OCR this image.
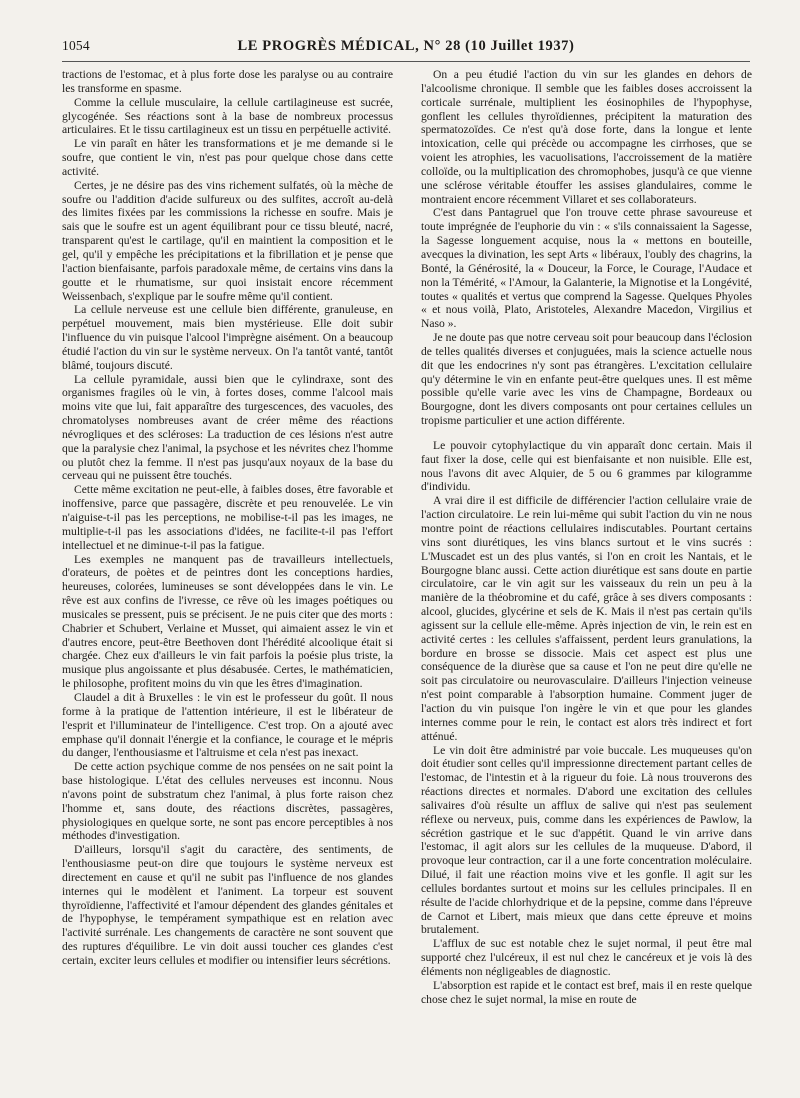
1054	LE PROGRÈS MÉDICAL, N° 28 (10 Juillet 1937)

tractions de l'estomac, et à plus forte dose les paralyse ou au contraire les transforme en spasme.

Comme la cellule musculaire, la cellule cartilagineuse est sucrée, glycogénée. Ses réactions sont à la base de nombreux processus articulaires. Et le tissu cartilagineux est un tissu en perpétuelle activité.

Le vin paraît en hâter les transformations et je me demande si le soufre, que contient le vin, n'est pas pour quelque chose dans cette activité.

Certes, je ne désire pas des vins richement sulfatés, où la mèche de soufre ou l'addition d'acide sulfureux ou des sulfites, accroît au-delà des limites fixées par les commissions la richesse en soufre. Mais je sais que le soufre est un agent équilibrant pour ce tissu bleuté, nacré, transparent qu'est le cartilage, qu'il en maintient la composition et le gel, qu'il y empêche les précipitations et la fibrillation et je pense que l'action bienfaisante, parfois paradoxale même, de certains vins dans la goutte et le rhumatisme, sur quoi insistait encore récemment Weissenbach, s'explique par le soufre même qu'il contient.

La cellule nerveuse est une cellule bien différente, granuleuse, en perpétuel mouvement, mais bien mystérieuse. Elle doit subir l'influence du vin puisque l'alcool l'imprègne aisément. On a beaucoup étudié l'action du vin sur le système nerveux. On l'a tantôt vanté, tantôt blâmé, toujours discuté.

La cellule pyramidale, aussi bien que le cylindraxe, sont des organismes fragiles où le vin, à fortes doses, comme l'alcool mais moins vite que lui, fait apparaître des turgescences, des vacuoles, des chromatolyses nombreuses avant de créer même des réactions névrogliques et des scléroses: La traduction de ces lésions n'est autre que la paralysie chez l'animal, la psychose et les névrites chez l'homme ou plutôt chez la femme. Il n'est pas jusqu'aux noyaux de la base du cerveau qui ne puissent être touchés.

Cette même excitation ne peut-elle, à faibles doses, être favorable et inoffensive, parce que passagère, discrète et peu renouvelée. Le vin n'aiguise-t-il pas les perceptions, ne mobilise-t-il pas les images, ne multiplie-t-il pas les associations d'idées, ne facilite-t-il pas l'effort intellectuel et ne diminue-t-il pas la fatigue.

Les exemples ne manquent pas de travailleurs intellectuels, d'orateurs, de poètes et de peintres dont les conceptions hardies, heureuses, colorées, lumineuses se sont développées dans le vin. Le rêve est aux confins de l'ivresse, ce rêve où les images poétiques ou musicales se pressent, puis se précisent. Je ne puis citer que des morts : Chabrier et Schubert, Verlaine et Musset, qui aimaient assez le vin et d'autres encore, peut-être Beethoven dont l'hérédité alcoolique était si chargée. Chez eux d'ailleurs le vin fait parfois la poésie plus triste, la musique plus angoissante et plus désabusée. Certes, le mathématicien, le philosophe, profitent moins du vin que les êtres d'imagination.

Claudel a dit à Bruxelles : le vin est le professeur du goût. Il nous forme à la pratique de l'attention intérieure, il est le libérateur de l'esprit et l'illuminateur de l'intelligence. C'est trop. On a ajouté avec emphase qu'il donnait l'énergie et la confiance, le courage et le mépris du danger, l'enthousiasme et l'altruisme et cela n'est pas inexact.

De cette action psychique comme de nos pensées on ne sait point la base histologique. L'état des cellules nerveuses est inconnu. Nous n'avons point de substratum chez l'animal, à plus forte raison chez l'homme et, sans doute, des réactions discrètes, passagères, physiologiques en quelque sorte, ne sont pas encore perceptibles à nos méthodes d'investigation.

D'ailleurs, lorsqu'il s'agit du caractère, des sentiments, de l'enthousiasme peut-on dire que toujours le système nerveux est directement en cause et qu'il ne subit pas l'influence de nos glandes internes qui le modèlent et l'animent. La torpeur est souvent thyroïdienne, l'affectivité et l'amour dépendent des glandes génitales et de l'hypophyse, le tempérament sympathique est en relation avec l'activité surrénale. Les changements de caractère ne sont souvent que des ruptures d'équilibre. Le vin doit aussi toucher ces glandes c'est certain, exciter leurs cellules et modifier ou intensifier leurs sécrétions.

On a peu étudié l'action du vin sur les glandes en dehors de l'alcoolisme chronique. Il semble que les faibles doses accroissent la corticale surrénale, multiplient les éosinophiles de l'hypophyse, gonflent les cellules thyroïdiennes, précipitent la maturation des spermatozoïdes. Ce n'est qu'à dose forte, dans la longue et lente intoxication, celle qui précède ou accompagne les cirrhoses, que se voient les atrophies, les vacuolisations, l'accroissement de la matière colloïde, ou la multiplication des chromophobes, jusqu'à ce que vienne une sclérose véritable étouffer les assises glandulaires, comme le montraient encore récemment Villaret et ses collaborateurs.

C'est dans Pantagruel que l'on trouve cette phrase savoureuse et toute imprégnée de l'euphorie du vin : « s'ils connaissaient la Sagesse, la Sagesse longuement acquise, nous la « mettons en bouteille, avecques la divination, les sept Arts « libéraux, l'oubly des chagrins, la Bonté, la Générosité, la « Douceur, la Force, le Courage, l'Audace et non la Témérité, « l'Amour, la Galanterie, la Mignotise et la Longévité, toutes « qualités et vertus que comprend la Sagesse. Quelques Phyoles « et nous voilà, Plato, Aristoteles, Alexandre Macedon, Virgilius et Naso ».

Je ne doute pas que notre cerveau soit pour beaucoup dans l'éclosion de telles qualités diverses et conjuguées, mais la science actuelle nous dit que les endocrines n'y sont pas étrangères. L'excitation cellulaire qu'y détermine le vin en enfante peut-être quelques unes. Il est même possible qu'elle varie avec les vins de Champagne, Bordeaux ou Bourgogne, dont les divers composants ont pour certaines cellules un tropisme particulier et une action différente.

Le pouvoir cytophylactique du vin apparaît donc certain. Mais il faut fixer la dose, celle qui est bienfaisante et non nuisible. Elle est, nous l'avons dit avec Alquier, de 5 ou 6 grammes par kilogramme d'individu.

A vrai dire il est difficile de différencier l'action cellulaire vraie de l'action circulatoire. Le rein lui-même qui subit l'action du vin ne nous montre point de réactions cellulaires indiscutables. Pourtant certains vins sont diurétiques, les vins blancs surtout et le vins sucrés : L'Muscadet est un des plus vantés, si l'on en croit les Nantais, et le Bourgogne blanc aussi. Cette action diurétique est sans doute en partie circulatoire, car le vin agit sur les vaisseaux du rein un peu à la manière de la théobromine et du café, grâce à ses divers composants : alcool, glucides, glycérine et sels de K. Mais il n'est pas certain qu'ils agissent sur la cellule elle-même. Après injection de vin, le rein est en activité certes : les cellules s'affaissent, perdent leurs granulations, la bordure en brosse se dissocie. Mais cet aspect est plus une conséquence de la diurèse que sa cause et l'on ne peut dire qu'elle ne soit pas circulatoire ou neurovasculaire. D'ailleurs l'injection veineuse n'est point comparable à l'absorption humaine. Comment juger de l'action du vin puisque l'on ingère le vin et que pour les glandes internes comme pour le rein, le contact est alors très indirect et fort atténué.

Le vin doit être administré par voie buccale. Les muqueuses qu'on doit étudier sont celles qu'il impressionne directement partant celles de l'estomac, de l'intestin et à la rigueur du foie. Là nous trouverons des réactions directes et normales. D'abord une excitation des cellules salivaires d'où résulte un afflux de salive qui n'est pas seulement réflexe ou nerveux, puis, comme dans les expériences de Pawlow, la sécrétion gastrique et le suc d'appétit. Quand le vin arrive dans l'estomac, il agit alors sur les cellules de la muqueuse. D'abord, il provoque leur contraction, car il a une forte concentration moléculaire. Dilué, il fait une réaction moins vive et les gonfle. Il agit sur les cellules bordantes surtout et moins sur les cellules principales. Il en résulte de l'acide chlorhydrique et de la pepsine, comme dans l'épreuve de Carnot et Libert, mais mieux que dans cette épreuve et moins brutalement.

L'afflux de suc est notable chez le sujet normal, il peut être mal supporté chez l'ulcéreux, il est nul chez le cancéreux et je vois là des éléments non négligeables de diagnostic.

L'absorption est rapide et le contact est bref, mais il en reste quelque chose chez le sujet normal, la mise en route de
